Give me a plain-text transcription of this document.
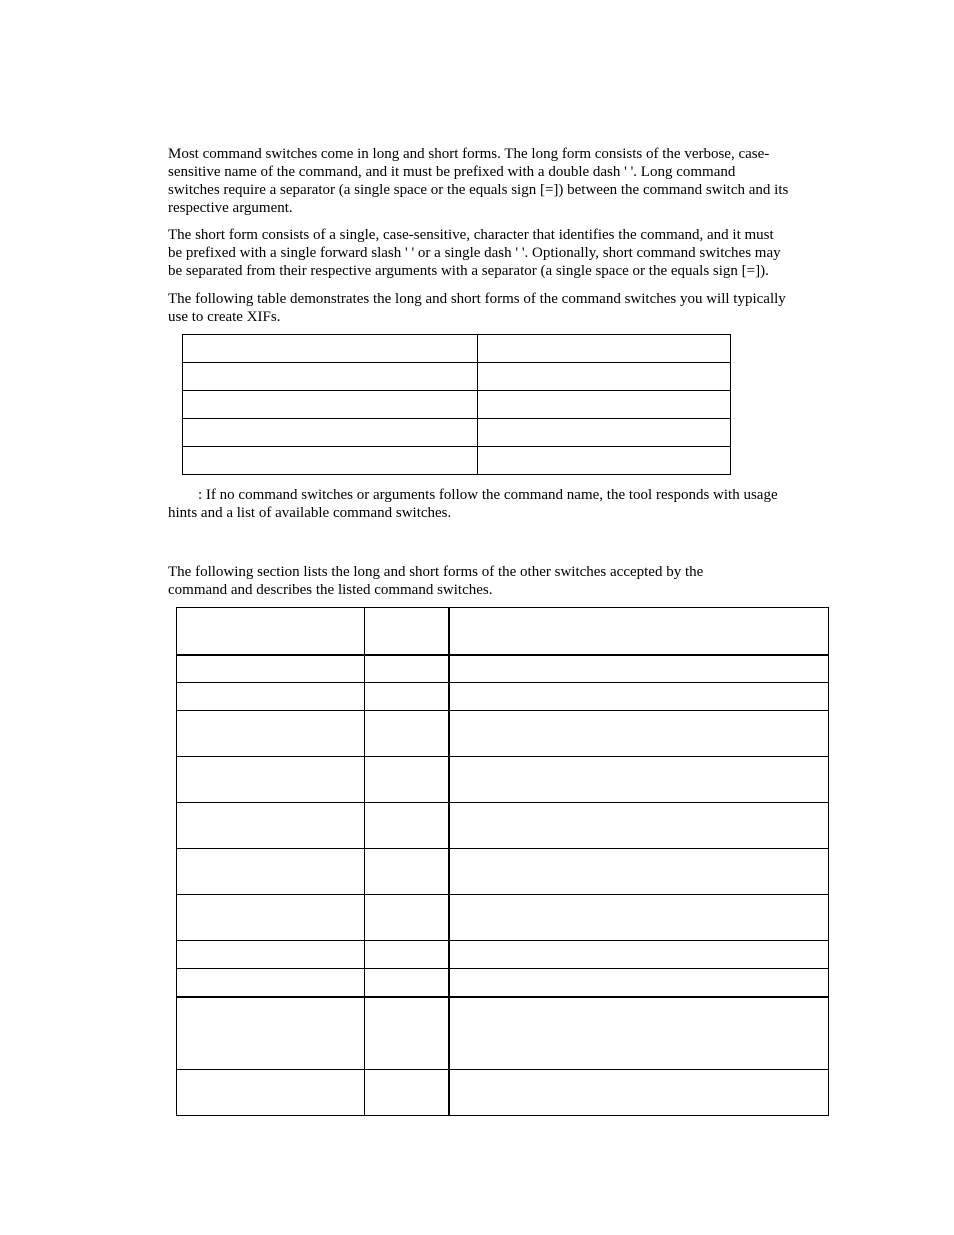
Most command switches come in long and short forms. The long form consists of the verbose, case-
sensitive name of the command, and it must be prefixed with a double dash ' '. Long command
switches require a separator (a single space or the equals sign [=]) between the command switch and its
respective argument.
The short form consists of a single, case-sensitive, character that identifies the command, and it must
be prefixed with a single forward slash ' ' or a single dash ' '. Optionally, short command switches may
be separated from their respective arguments with a separator (a single space or the equals sign [=]).
The following table demonstrates the long and short forms of the command switches you will typically
use to create XIFs.

: If no command switches or arguments follow the command name, the tool responds with usage
hints and a list of available command switches.
The following section lists the long and short forms of the other switches accepted by the
command and describes the listed command switches.
